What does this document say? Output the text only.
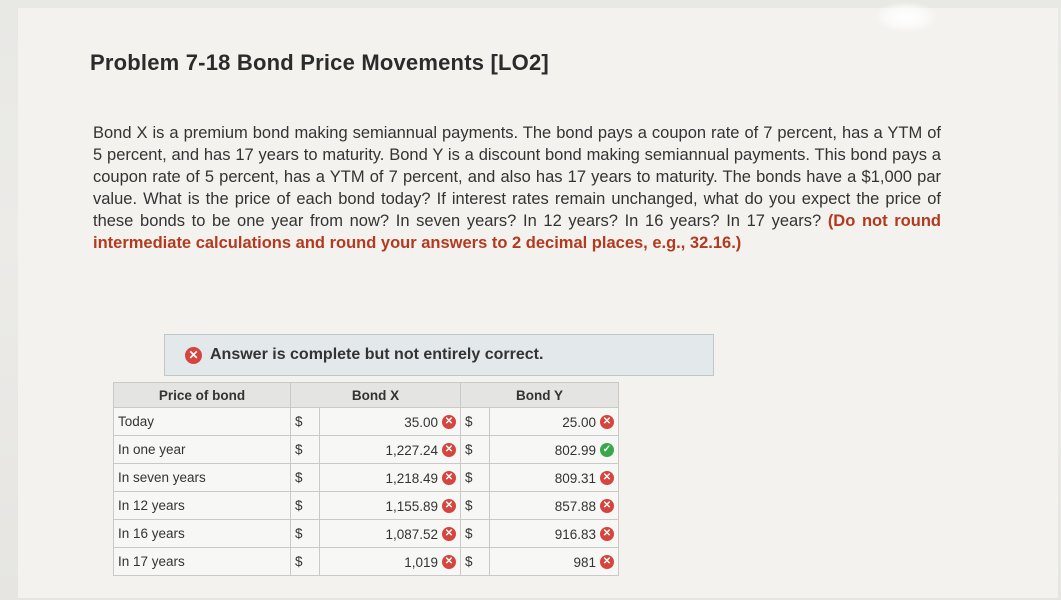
Problem 7-18 Bond Price Movements [LO2]
Bond X is a premium bond making semiannual payments. The bond pays a coupon rate of 7 percent, has a YTM of 5 percent, and has 17 years to maturity. Bond Y is a discount bond making semiannual payments. This bond pays a coupon rate of 5 percent, has a YTM of 7 percent, and also has 17 years to maturity. The bonds have a $1,000 par value. What is the price of each bond today? If interest rates remain unchanged, what do you expect the price of these bonds to be one year from now? In seven years? In 12 years? In 16 years? In 17 years? (Do not round intermediate calculations and round your answers to 2 decimal places, e.g., 32.16.)
✕ Answer is complete but not entirely correct.
Price of bond	Bond X		Bond Y	
Today	$	35.00 ✕	$	25.00 ✕
In one year	$	1,227.24 ✕	$	802.99 ✓
In seven years	$	1,218.49 ✕	$	809.31 ✕
In 12 years	$	1,155.89 ✕	$	857.88 ✕
In 16 years	$	1,087.52 ✕	$	916.83 ✕
In 17 years	$	1,019 ✕	$	981 ✕
